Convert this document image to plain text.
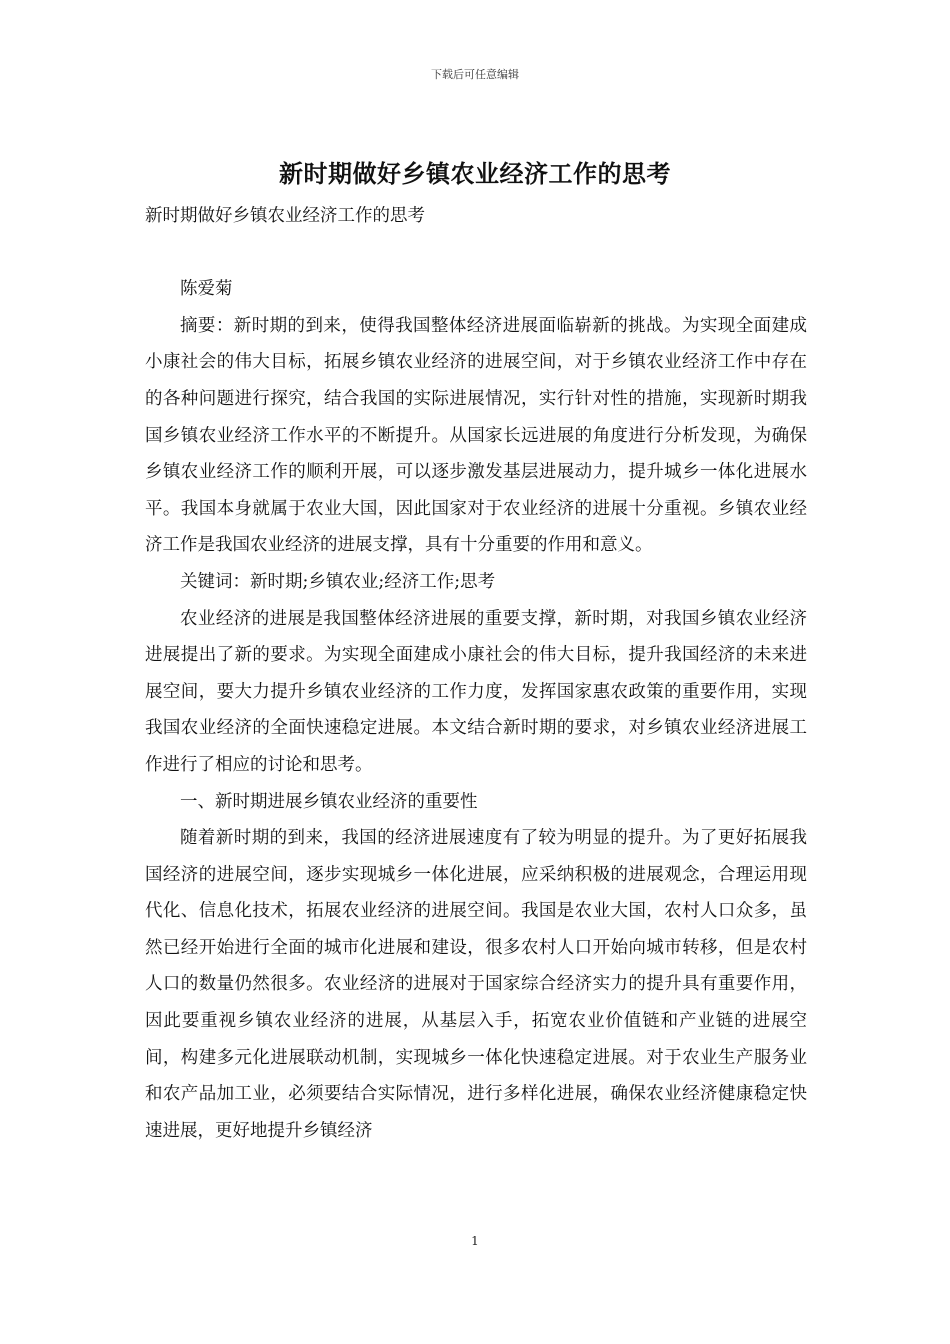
下载后可任意编辑
新时期做好乡镇农业经济工作的思考

新时期做好乡镇农业经济工作的思考

陈爱菊

摘要：新时期的到来，使得我国整体经济进展面临崭新的挑战。为实现全面建成小康社会的伟大目标，拓展乡镇农业经济的进展空间，对于乡镇农业经济工作中存在的各种问题进行探究，结合我国的实际进展情况，实行针对性的措施，实现新时期我国乡镇农业经济工作水平的不断提升。从国家长远进展的角度进行分析发现，为确保乡镇农业经济工作的顺利开展，可以逐步激发基层进展动力，提升城乡一体化进展水平。我国本身就属于农业大国，因此国家对于农业经济的进展十分重视。乡镇农业经济工作是我国农业经济的进展支撑，具有十分重要的作用和意义。

关键词：新时期;乡镇农业;经济工作;思考

农业经济的进展是我国整体经济进展的重要支撑，新时期，对我国乡镇农业经济进展提出了新的要求。为实现全面建成小康社会的伟大目标，提升我国经济的未来进展空间，要大力提升乡镇农业经济的工作力度，发挥国家惠农政策的重要作用，实现我国农业经济的全面快速稳定进展。本文结合新时期的要求，对乡镇农业经济进展工作进行了相应的讨论和思考。

一、新时期进展乡镇农业经济的重要性

随着新时期的到来，我国的经济进展速度有了较为明显的提升。为了更好拓展我国经济的进展空间，逐步实现城乡一体化进展，应采纳积极的进展观念，合理运用现代化、信息化技术，拓展农业经济的进展空间。我国是农业大国，农村人口众多，虽然已经开始进行全面的城市化进展和建设，很多农村人口开始向城市转移，但是农村人口的数量仍然很多。农业经济的进展对于国家综合经济实力的提升具有重要作用，因此要重视乡镇农业经济的进展，从基层入手，拓宽农业价值链和产业链的进展空间，构建多元化进展联动机制，实现城乡一体化快速稳定进展。对于农业生产服务业和农产品加工业，必须要结合实际情况，进行多样化进展，确保农业经济健康稳定快速进展，更好地提升乡镇经济

1
